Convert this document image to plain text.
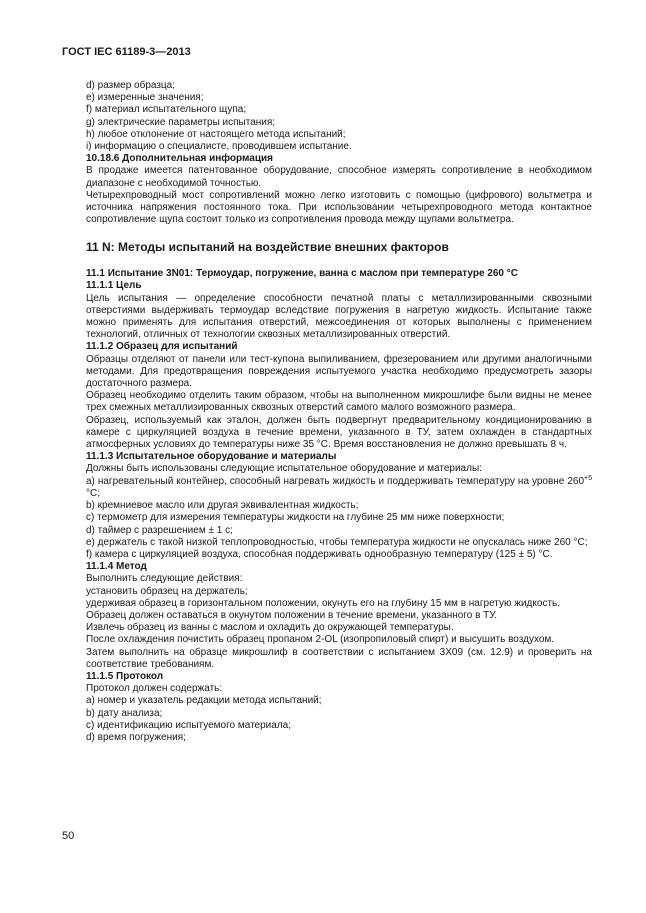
ГОСТ IEC 61189-3—2013

d) размер образца;

e) измеренные значения;

f) материал испытательного щупа;

g) электрические параметры испытания;

h) любое отклонение от настоящего метода испытаний;

i) информацию о специалисте, проводившем испытание.

10.18.6 Дополнительная информация

В продаже имеется патентованное оборудование, способное измерять сопротивление в необходимом диапазоне с необходимой точностью.

Четырехпроводный мост сопротивлений можно легко изготовить с помощью (цифрового) вольтметра и источника напряжения постоянного тока. При использовании четырехпроводного метода контактное сопротивление щупа состоит только из сопротивления провода между щупами вольтметра.

11 N: Методы испытаний на воздействие внешних факторов
11.1 Испытание 3N01: Термоудар, погружение, ванна с маслом при температуре 260 °С

11.1.1 Цель

Цель испытания — определение способности печатной платы с металлизированными сквозными отверстиями выдерживать термоудар вследствие погружения в нагретую жидкость. Испытание также можно применять для испытания отверстий, межсоединения от которых выполнены с применением технологий, отличных от технологии сквозных металлизированных отверстий.

11.1.2 Образец для испытаний

Образцы отделяют от панели или тест-купона выпиливанием, фрезерованием или другими аналогичными методами. Для предотвращения повреждения испытуемого участка необходимо предусмотреть зазоры достаточного размера.

Образец необходимо отделить таким образом, чтобы на выполненном микрошлифе были видны не менее трех смежных металлизированных сквозных отверстий самого малого возможного размера.

Образец, используемый как эталон, должен быть подвергнут предварительному кондиционированию в камере с циркуляцией воздуха в течение времени, указанного в ТУ, затем охлажден в стандартных атмосферных условиях до температуры ниже 35 °С. Время восстановления не должно превышать 8 ч.

11.1.3 Испытательное оборудование и материалы

Должны быть использованы следующие испытательное оборудование и материалы:

a) нагревательный контейнер, способный нагревать жидкость и поддерживать температуру на уровне $260^{+5}$ °С;

b) кремниевое масло или другая эквивалентная жидкость;

c) термометр для измерения температуры жидкости на глубине 25 мм ниже поверхности;

d) таймер с разрешением ± 1 с;

e) держатель с такой низкой теплопроводностью, чтобы температура жидкости не опускалась ниже 260 °С;

f) камера с циркуляцией воздуха, способная поддерживать однообразную температуру (125 ± 5) °С.

11.1.4 Метод

Выполнить следующие действия:

установить образец на держатель;

удерживая образец в горизонтальном положении, окунуть его на глубину 15 мм в нагретую жидкость.

Образец должен оставаться в окунутом положении в течение времени, указанного в ТУ.

Извлечь образец из ванны с маслом и охладить до окружающей температуры.

После охлаждения почистить образец пропаном 2-OL (изопропиловый спирт) и высушить воздухом.

Затем выполнить на образце микрошлиф в соответствии с испытанием 3X09 (см. 12.9) и проверить на соответствие требованиям.

11.1.5 Протокол

Протокол должен содержать:

a) номер и указатель редакции метода испытаний;

b) дату анализа;

c) идентификацию испытуемого материала;

d) время погружения;

50
